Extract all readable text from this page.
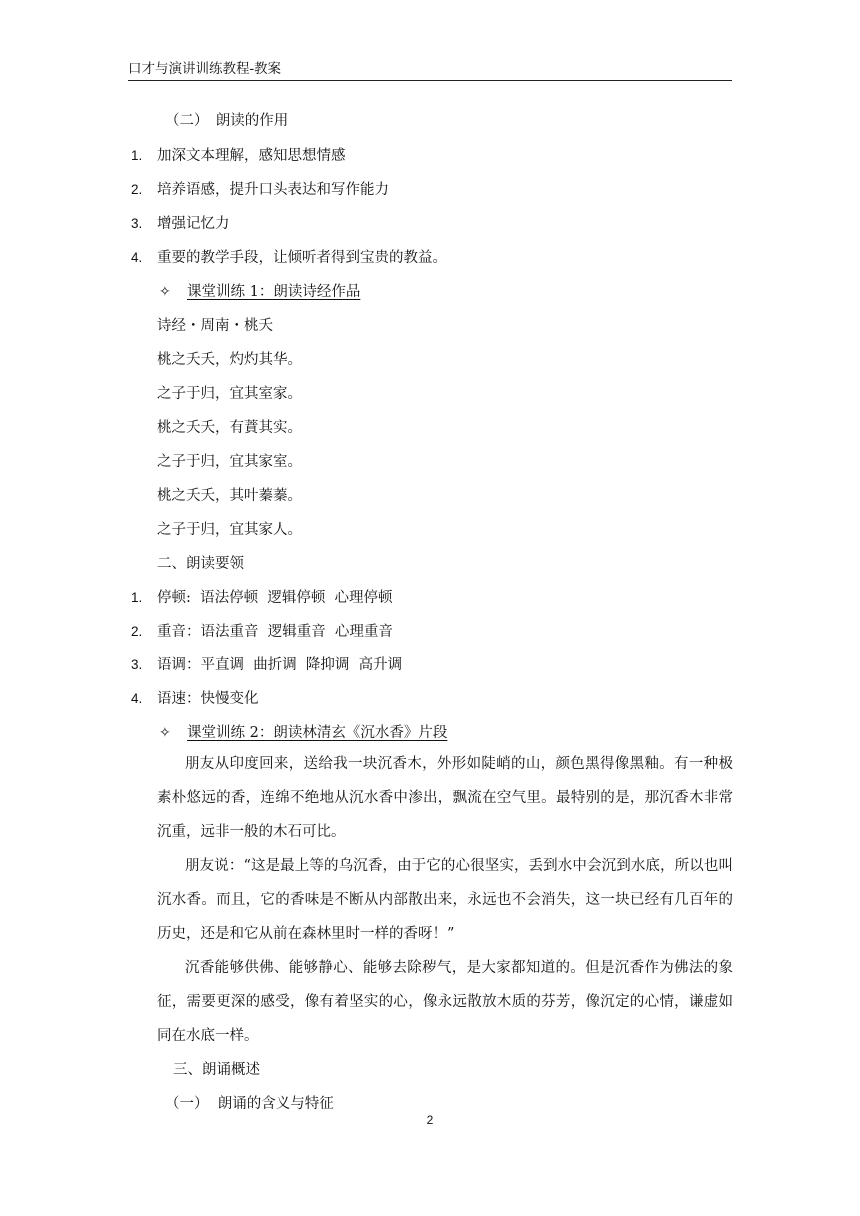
口才与演讲训练教程-教案
（二）　朗读的作用
1. 加深文本理解，感知思想情感
2. 培养语感，提升口头表达和写作能力
3. 增强记忆力
4. 重要的教学手段，让倾听者得到宝贵的教益。
✧ 课堂训练 1：朗读诗经作品
诗经・周南・桃夭
桃之夭夭，灼灼其华。
之子于归，宜其室家。
桃之夭夭，有蕡其实。
之子于归，宜其家室。
桃之夭夭，其叶蓁蓁。
之子于归，宜其家人。
二、朗读要领
1. 停顿:  语法停顿  逻辑停顿  心理停顿
2. 重音：语法重音  逻辑重音  心理重音
3. 语调：平直调  曲折调  降抑调  高升调
4. 语速：快慢变化
✧ 课堂训练 2：朗读林清玄《沉水香》片段
朋友从印度回来，送给我一块沉香木，外形如陡峭的山，颜色黑得像黑釉。有一种极素朴悠远的香，连绵不绝地从沉水香中渗出，飘流在空气里。最特别的是，那沉香木非常沉重，远非一般的木石可比。
朋友说：“这是最上等的乌沉香，由于它的心很坚实，丢到水中会沉到水底，所以也叫沉水香。而且，它的香味是不断从内部散出来，永远也不会消失，这一块已经有几百年的历史，还是和它从前在森林里时一样的香呀！”
沉香能够供佛、能够静心、能够去除秽气，是大家都知道的。但是沉香作为佛法的象征，需要更深的感受，像有着坚实的心，像永远散放木质的芬芳，像沉定的心情，谦虚如同在水底一样。
三、朗诵概述
（一）  朗诵的含义与特征
2
